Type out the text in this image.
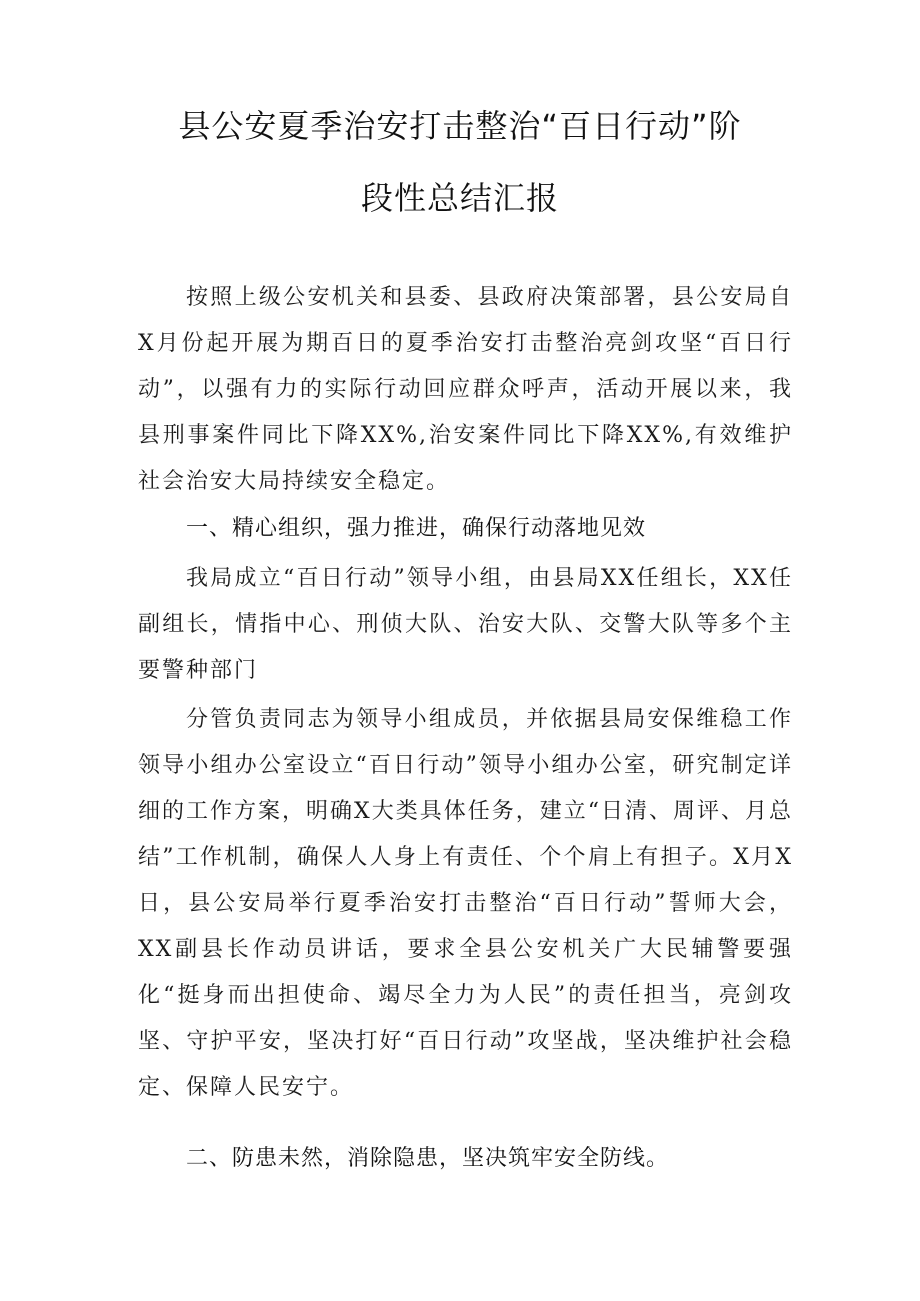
县公安夏季治安打击整治“百日行动”阶
段性总结汇报

按照上级公安机关和县委、县政府决策部署，县公安局自X月份起开展为期百日的夏季治安打击整治亮剑攻坚“百日行动”，以强有力的实际行动回应群众呼声，活动开展以来，我县刑事案件同比下降XX%,治安案件同比下降XX%,有效维护社会治安大局持续安全稳定。

一、精心组织，强力推进，确保行动落地见效

我局成立“百日行动”领导小组，由县局XX任组长，XX任副组长，情指中心、刑侦大队、治安大队、交警大队等多个主要警种部门

分管负责同志为领导小组成员，并依据县局安保维稳工作领导小组办公室设立“百日行动”领导小组办公室，研究制定详细的工作方案，明确X大类具体任务，建立“日清、周评、月总结”工作机制，确保人人身上有责任、个个肩上有担子。X月X日，县公安局举行夏季治安打击整治“百日行动”誓师大会，XX副县长作动员讲话，要求全县公安机关广大民辅警要强化“挺身而出担使命、竭尽全力为人民”的责任担当，亮剑攻坚、守护平安，坚决打好“百日行动”攻坚战，坚决维护社会稳定、保障人民安宁。

二、防患未然，消除隐患，坚决筑牢安全防线。
